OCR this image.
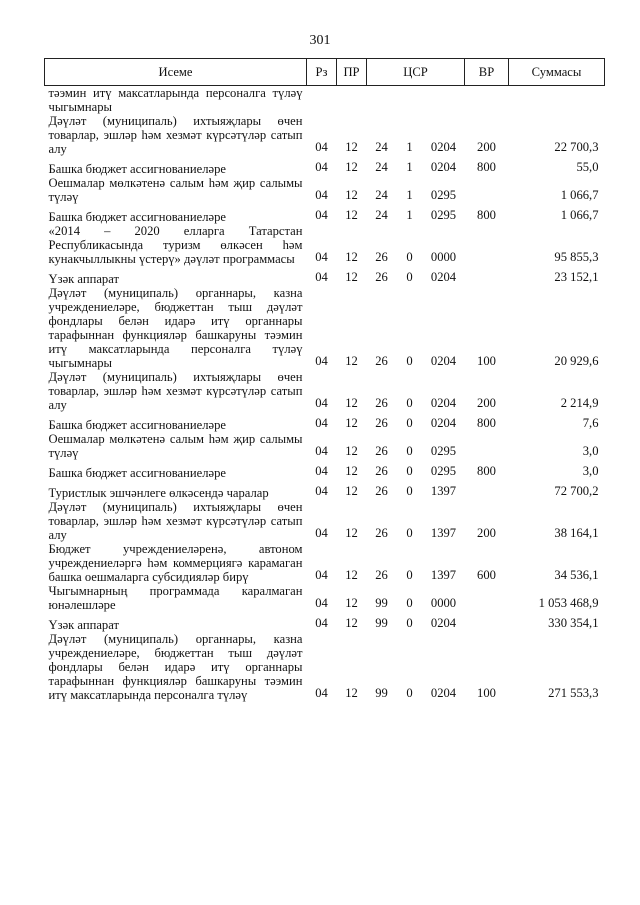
301
Исеме	Рз	ПР	ЦСР			ВР	Суммасы
тәэмин итү максатларында персоналга түләү чыгымнары							
Дәүләт (муниципаль) ихтыяҗлары өчен товарлар, эшләр һәм хезмәт күрсәтүләр сатып алу	04	12	24	1	0204	200	22 700,3
Башка бюджет ассигнованиеләре	04	12	24	1	0204	800	55,0
Оешмалар мөлкәтенә салым һәм җир салымы түләү	04	12	24	1	0295		1 066,7
Башка бюджет ассигнованиеләре	04	12	24	1	0295	800	1 066,7
«2014 – 2020 елларга Татарстан Республикасында туризм өлкәсен һәм кунакчыллыкны үстерү» дәүләт программасы	04	12	26	0	0000		95 855,3
Үзәк аппарат	04	12	26	0	0204		23 152,1
Дәүләт (муниципаль) органнары, казна учреждениеләре, бюджеттан тыш дәүләт фондлары белән идарә итү органнары тарафыннан функцияләр башкаруны тәэмин итү максатларында персоналга түләү чыгымнары	04	12	26	0	0204	100	20 929,6
Дәүләт (муниципаль) ихтыяҗлары өчен товарлар, эшләр һәм хезмәт күрсәтүләр сатып алу	04	12	26	0	0204	200	2 214,9
Башка бюджет ассигнованиеләре	04	12	26	0	0204	800	7,6
Оешмалар мөлкәтенә салым һәм җир салымы түләү	04	12	26	0	0295		3,0
Башка бюджет ассигнованиеләре	04	12	26	0	0295	800	3,0
Туристлык эшчәнлеге өлкәсендә чаралар	04	12	26	0	1397		72 700,2
Дәүләт (муниципаль) ихтыяҗлары өчен товарлар, эшләр һәм хезмәт күрсәтүләр сатып алу	04	12	26	0	1397	200	38 164,1
Бюджет учреждениеләренә, автоном учреждениеләргә һәм коммерциягә карамаган башка оешмаларга субсидияләр бирү	04	12	26	0	1397	600	34 536,1
Чыгымнарның программада каралмаган юнәлешләре	04	12	99	0	0000		1 053 468,9
Үзәк аппарат	04	12	99	0	0204		330 354,1
Дәүләт (муниципаль) органнары, казна учреждениеләре, бюджеттан тыш дәүләт фондлары белән идарә итү органнары тарафыннан функцияләр башкаруны тәэмин итү максатларында персоналга түләү	04	12	99	0	0204	100	271 553,3
